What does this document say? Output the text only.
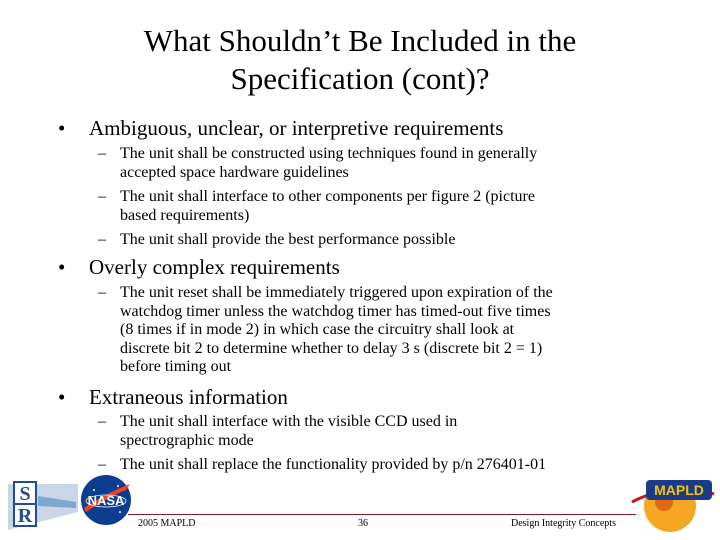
What Shouldn’t Be Included in the
Specification (cont)?
• Ambiguous, unclear, or interpretive requirements
– The unit shall be constructed using techniques found in generally
accepted space hardware guidelines
– The unit shall interface to other components per figure 2 (picture
based requirements)
– The unit shall provide the best performance possible
• Overly complex requirements
– The unit reset shall be immediately triggered upon expiration of the
watchdog timer unless the watchdog timer has timed-out five times
(8 times if in mode 2) in which case the circuitry shall look at
discrete bit 2 to determine whether to delay 3 s (discrete bit 2 = 1)
before timing out
• Extraneous information
– The unit shall interface with the visible CCD used in
spectrographic mode
– The unit shall replace the functionality provided by p/n 276401-01
S
R
NASA
MAPLD
2005 MAPLD	36	Design Integrity Concepts
